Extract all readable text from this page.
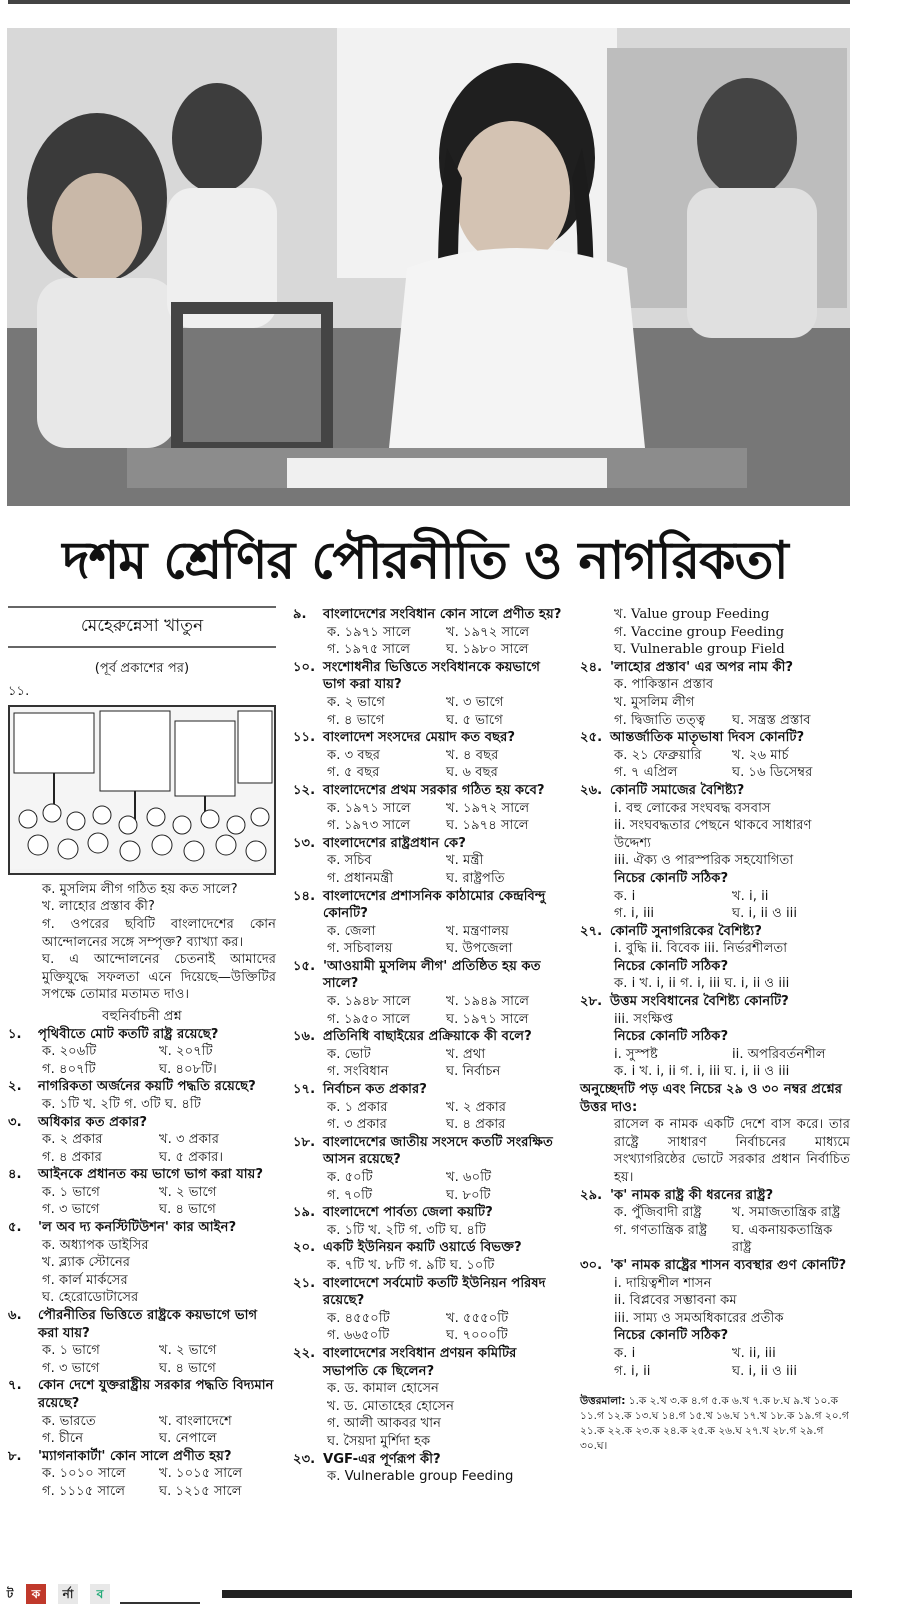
দশম শ্রেণির পৌরনীতি ও নাগরিকতা
মেহেরুন্নেসা খাতুন
(পূর্ব প্রকাশের পর)
১১.
ক. মুসলিম লীগ গঠিত হয় কত সালে?
খ. লাহোর প্রস্তাব কী?
গ. ওপরের ছবিটি বাংলাদেশের কোন আন্দোলনের সঙ্গে সম্পৃক্ত? ব্যাখ্যা কর।
ঘ. এ আন্দোলনের চেতনাই আমাদের মুক্তিযুদ্ধে সফলতা এনে দিয়েছে—উক্তিটির সপক্ষে তোমার মতামত দাও।
বহুনির্বাচনী প্রশ্ন
১.	পৃথিবীতে মোট কতটি রাষ্ট্র রয়েছে?
ক. ২০৬টি	খ. ২০৭টি
গ. ৪০৭টি	ঘ. ৪০৮টি।
২.	নাগরিকতা অর্জনের কয়টি পদ্ধতি রয়েছে?
ক. ১টি খ. ২টি গ. ৩টি ঘ. ৪টি
৩.	অধিকার কত প্রকার?
ক. ২ প্রকার	খ. ৩ প্রকার
গ. ৪ প্রকার	ঘ. ৫ প্রকার।
৪.	আইনকে প্রধানত কয় ভাগে ভাগ করা যায়?
ক. ১ ভাগে	খ. ২ ভাগে
গ. ৩ ভাগে	ঘ. ৪ ভাগে
৫.	'ল অব দ্য কনস্টিটিউশন' কার আইন?
ক. অধ্যাপক ডাইসির
খ. ব্ল্যাক স্টোনের
গ. কার্ল মার্কসের
ঘ. হেরোডোটাসের
৬.	পৌরনীতির ভিত্তিতে রাষ্ট্রকে কয়ভাগে ভাগ করা যায়?
ক. ১ ভাগে	খ. ২ ভাগে
গ. ৩ ভাগে	ঘ. ৪ ভাগে
৭.	কোন দেশে যুক্তরাষ্ট্রীয় সরকার পদ্ধতি বিদ্যমান রয়েছে?
ক. ভারতে	খ. বাংলাদেশে
গ. চীনে	ঘ. নেপালে
৮.	'ম্যাগনাকার্টা' কোন সালে প্রণীত হয়?
ক. ১০১০ সালে	খ. ১০১৫ সালে
গ. ১১১৫ সালে	ঘ. ১২১৫ সালে
৯.	বাংলাদেশের সংবিধান কোন সালে প্রণীত হয়?
ক. ১৯৭১ সালে	খ. ১৯৭২ সালে
গ. ১৯৭৫ সালে	ঘ. ১৯৮০ সালে
১০. সংশোধনীর ভিত্তিতে সংবিধানকে কয়ভাগে ভাগ করা যায়?
ক. ২ ভাগে	খ. ৩ ভাগে
গ. ৪ ভাগে	ঘ. ৫ ভাগে
১১. বাংলাদেশ সংসদের মেয়াদ কত বছর?
ক. ৩ বছর	খ. ৪ বছর
গ. ৫ বছর	ঘ. ৬ বছর
১২. বাংলাদেশের প্রথম সরকার গঠিত হয় কবে?
ক. ১৯৭১ সালে	খ. ১৯৭২ সালে
গ. ১৯৭৩ সালে	ঘ. ১৯৭৪ সালে
১৩. বাংলাদেশের রাষ্ট্রপ্রধান কে?
ক. সচিব	খ. মন্ত্রী
গ. প্রধানমন্ত্রী	ঘ. রাষ্ট্রপতি
১৪. বাংলাদেশের প্রশাসনিক কাঠামোর কেন্দ্রবিন্দু কোনটি?
ক. জেলা	খ. মন্ত্রণালয়
গ. সচিবালয়	ঘ. উপজেলা
১৫. 'আওয়ামী মুসলিম লীগ' প্রতিষ্ঠিত হয় কত সালে?
ক. ১৯৪৮ সালে	খ. ১৯৪৯ সালে
গ. ১৯৫০ সালে	ঘ. ১৯৭১ সালে
১৬. প্রতিনিধি বাছাইয়ের প্রক্রিয়াকে কী বলে?
ক. ভোট	খ. প্রথা
গ. সংবিধান	ঘ. নির্বাচন
১৭. নির্বাচন কত প্রকার?
ক. ১ প্রকার	খ. ২ প্রকার
গ. ৩ প্রকার	ঘ. ৪ প্রকার
১৮. বাংলাদেশের জাতীয় সংসদে কতটি সংরক্ষিত আসন রয়েছে?
ক. ৫০টি	খ. ৬০টি
গ. ৭০টি	ঘ. ৮০টি
১৯. বাংলাদেশে পার্বত্য জেলা কয়টি?
ক. ১টি খ. ২টি গ. ৩টি ঘ. ৪টি
২০. একটি ইউনিয়ন কয়টি ওয়ার্ডে বিভক্ত?
ক. ৭টি খ. ৮টি গ. ৯টি ঘ. ১০টি
২১. বাংলাদেশে সর্বমোট কতটি ইউনিয়ন পরিষদ রয়েছে?
ক. ৪৫৫০টি	খ. ৫৫৫০টি
গ. ৬৬৫০টি	ঘ. ৭০০০টি
২২. বাংলাদেশের সংবিধান প্রণয়ন কমিটির সভাপতি কে ছিলেন?
ক. ড. কামাল হোসেন
খ. ড. মোতাহের হোসেন
গ. আলী আকবর খান
ঘ. সৈয়দা মুর্শিদা হক
২৩. VGF-এর পূর্ণরূপ কী?
ক. Vulnerable group Feeding
খ. Value group Feeding
গ. Vaccine group Feeding
ঘ. Vulnerable group Field
২৪. 'লাহোর প্রস্তাব' এর অপর নাম কী?
ক. পাকিস্তান প্রস্তাব
খ. মুসলিম লীগ
গ. দ্বিজাতি তত্ত্ব	ঘ. সন্ত্রস্ত প্রস্তাব
২৫. আন্তর্জাতিক মাতৃভাষা দিবস কোনটি?
ক. ২১ ফেব্রুয়ারি	খ. ২৬ মার্চ
গ. ৭ এপ্রিল	ঘ. ১৬ ডিসেম্বর
২৬. কোনটি সমাজের বৈশিষ্ট্য?
i. বহু লোকের সংঘবদ্ধ বসবাস
ii. সংঘবদ্ধতার পেছনে থাকবে সাধারণ উদ্দেশ্য
iii. ঐক্য ও পারস্পরিক সহযোগিতা
নিচের কোনটি সঠিক?
ক. i	খ. i, ii
গ. i, iii	ঘ. i, ii ও iii
২৭. কোনটি সুনাগরিকের বৈশিষ্ট্য?
i. বুদ্ধি ii. বিবেক iii. নির্ভরশীলতা
নিচের কোনটি সঠিক?
ক. i খ. i, ii গ. i, iii ঘ. i, ii ও iii
২৮. উত্তম সংবিধানের বৈশিষ্ট্য কোনটি?
iii. সংক্ষিপ্ত
নিচের কোনটি সঠিক?
i. সুস্পষ্ট	ii. অপরিবর্তনশীল
ক. i খ. i, ii গ. i, iii ঘ. i, ii ও iii
অনুচ্ছেদটি পড় এবং নিচের ২৯ ও ৩০ নম্বর প্রশ্নের উত্তর দাও:
রাসেল ক নামক একটি দেশে বাস করে। তার রাষ্ট্রে সাধারণ নির্বাচনের মাধ্যমে সংখ্যাগরিষ্ঠের ভোটে সরকার প্রধান নির্বাচিত হয়।
২৯. 'ক' নামক রাষ্ট্র কী ধরনের রাষ্ট্র?
ক. পুঁজিবাদী রাষ্ট্র	খ. সমাজতান্ত্রিক রাষ্ট্র
গ. গণতান্ত্রিক রাষ্ট্র	ঘ. একনায়কতান্ত্রিক রাষ্ট্র
৩০. 'ক' নামক রাষ্ট্রের শাসন ব্যবস্থার গুণ কোনটি?
i. দায়িত্বশীল শাসন
ii. বিপ্লবের সম্ভাবনা কম
iii. সাম্য ও সমঅধিকারের প্রতীক
নিচের কোনটি সঠিক?
ক. i	খ. ii, iii
গ. i, ii	ঘ. i, ii ও iii
উত্তরমালা: ১.ক ২.খ ৩.ক ৪.গ ৫.ক ৬.খ ৭.ক ৮.ঘ ৯.খ ১০.ক ১১.গ ১২.ক ১৩.ঘ ১৪.গ ১৫.খ ১৬.ঘ ১৭.খ ১৮.ক ১৯.গ ২০.গ ২১.ক ২২.ক ২৩.ক ২৪.ক ২৫.ক ২৬.ঘ ২৭.খ ২৮.গ ২৯.গ ৩০.ঘ।
ট	ক	র্না	ব
